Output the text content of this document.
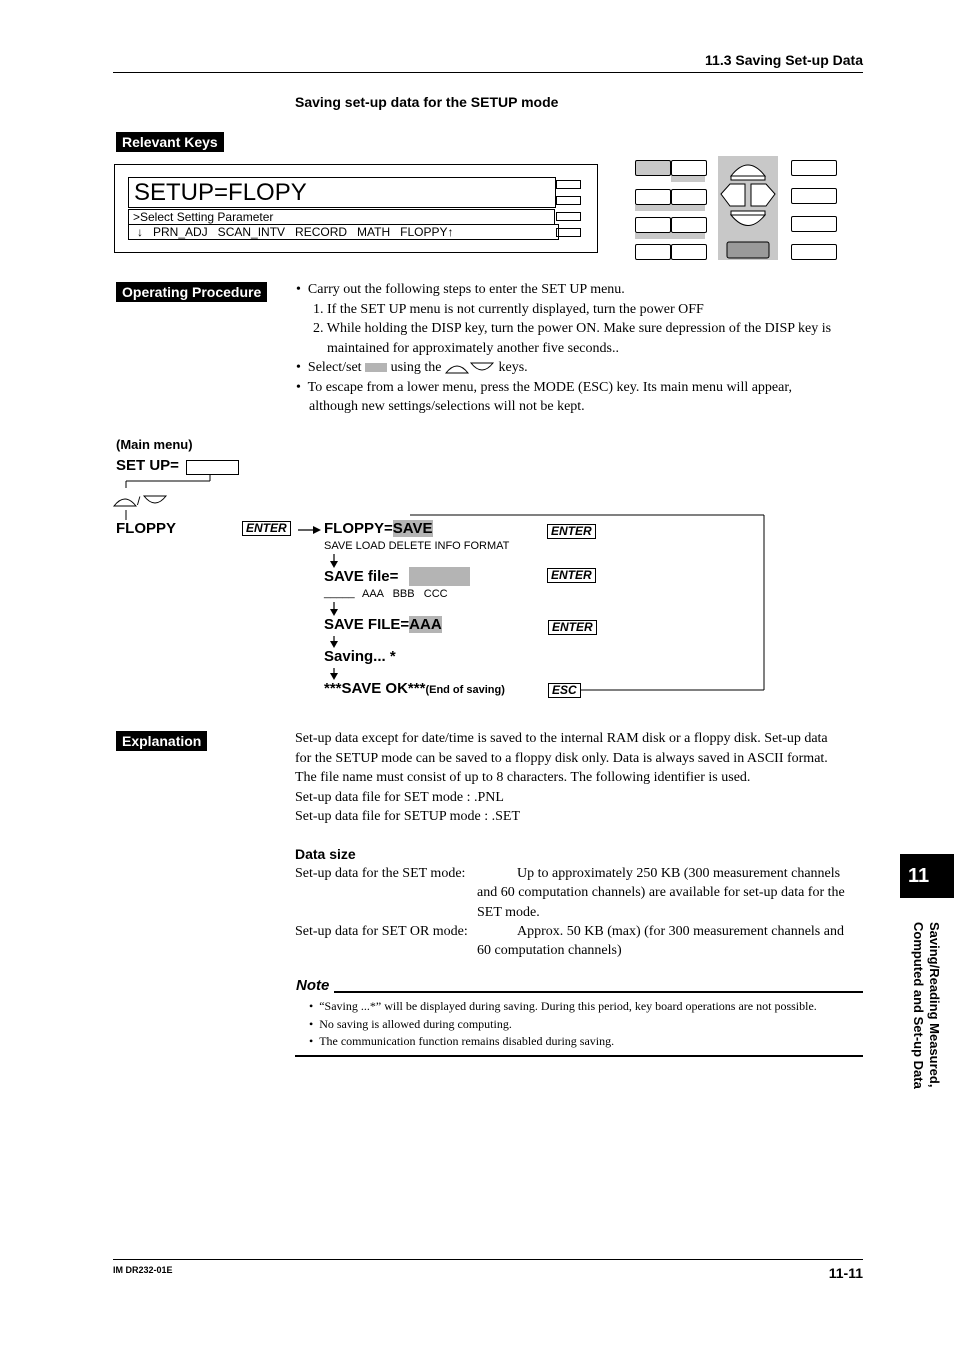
11.3 Saving Set-up Data
Saving set-up data for the SETUP mode
Relevant Keys
SETUP=FLOPY
>Select Setting Parameter
↓   PRN_ADJ   SCAN_INTV   RECORD   MATH   FLOPPY↑
Operating Procedure	•  Carry out the following steps to enter the SET UP menu.
1. If the SET UP menu is not currently displayed, turn the power OFF
2. While holding the DISP key, turn the power ON. Make sure depression of the DISP key is
maintained for approximately another five seconds..
•  Select/set using the	keys.
•  To escape from a lower menu, press the MODE (ESC) key. Its main menu will appear,
although new settings/selections will not be kept.
(Main menu)
SET UP=
/
FLOPPY	ENTER FLOPPY=SAVE
SAVE LOAD DELETE INFO FORMAT
ENTER
SAVE file=	ENTER
_____ AAA   BBB   CCC
SAVE FILE=AAA	ENTER
Saving... *
***SAVE OK***(End of saving)	ESC
Explanation	Set-up data except for date/time is saved to the internal RAM disk or a floppy disk. Set-up data
for the SETUP mode can be saved to a floppy disk only. Data is always saved in ASCII format.
The file name must consist of up to 8 characters. The following identifier is used.
Set-up data file for SET mode : .PNL
Set-up data file for SETUP mode : .SET
Data size
Set-up data for the SET mode:	Up to approximately 250 KB (300 measurement channels
and 60 computation channels) are available for set-up data for the
SET mode.
Set-up data for SET OR mode:	Approx. 50 KB (max) (for 300 measurement channels and
60 computation channels)
Note
•  “Saving ...*” will be displayed during saving. During this period, key board operations are not possible.
•  No saving is allowed during computing.
•  The communication function remains disabled during saving.
11
Saving/Reading Measured,
Computed and Set-up Data
IM DR232-01E	11-11
